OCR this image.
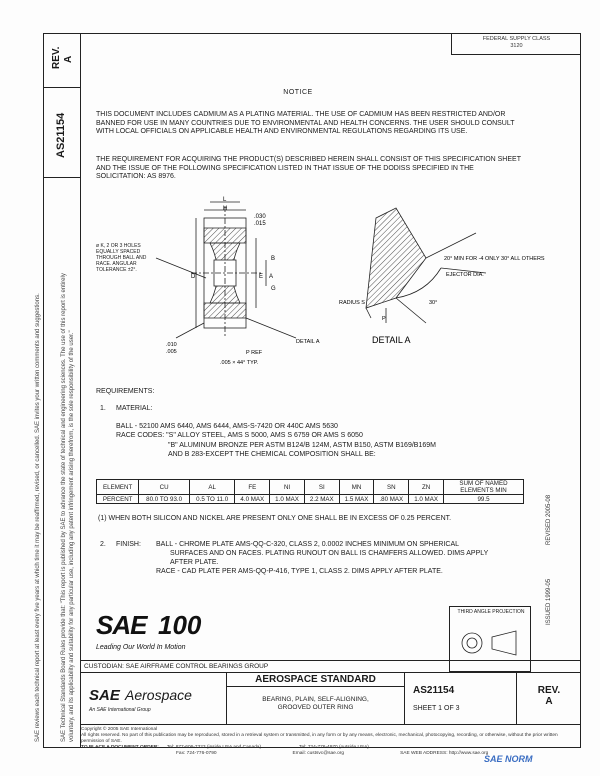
REV. A
AS21154
SAE Technical Standards Board Rules provide that: "This report is published by SAE to advance the state of technical and engineering sciences. The use of this report is entirely voluntary, and its applicability and suitability for any particular use, including any patent infringement arising therefrom, is the sole responsibility of the user."
SAE reviews each technical report at least every five years at which time it may be reaffirmed, revised, or cancelled. SAE invites your written comments and suggestions.
FEDERAL SUPPLY CLASS
3120
ISSUED 1999-05
REVISED 2005-08
NOTICE
THIS DOCUMENT INCLUDES CADMIUM AS A PLATING MATERIAL. THE USE OF CADMIUM HAS BEEN RESTRICTED AND/OR BANNED FOR USE IN MANY COUNTRIES DUE TO ENVIRONMENTAL AND HEALTH CONCERNS. THE USER SHOULD CONSULT WITH LOCAL OFFICIALS ON APPLICABLE HEALTH AND ENVIRONMENTAL REGULATIONS REGARDING ITS USE.
THE REQUIREMENT FOR ACQUIRING THE PRODUCT(S) DESCRIBED HEREIN SHALL CONSIST OF THIS SPECIFICATION SHEET AND THE ISSUE OF THE FOLLOWING SPECIFICATION LISTED IN THAT ISSUE OF THE DODISS SPECIFIED IN THE SOLICITATION: AS 8976.
H
L
.030
.015
D	E A
B
G
ø K, 2 OR 3 HOLES EQUALLY SPACED THROUGH BALL AND RACE. ANGULAR TOLERANCE ±2°.
.010
.005
.005 × 44° TYP.
P REF
DETAIL A
20° MIN FOR -4 ONLY 30° ALL OTHERS
EJECTOR DIA.
30°
RADIUS S
P
DETAIL A
REQUIREMENTS:
1. MATERIAL:
BALL - 52100 AMS 6440, AMS 6444, AMS-S-7420 OR 440C AMS 5630
RACE CODES: "S" ALLOY STEEL, AMS S 5000, AMS S 6759 OR AMS S 6050
"B" ALUMINUM BRONZE PER ASTM B124/B 124M, ASTM B150, ASTM B169/B169M
AND B 283-EXCEPT THE CHEMICAL COMPOSITION SHALL BE:
ELEMENT	CU	AL	FE	NI	SI	MN	SN	ZN	SUM OF NAMED ELEMENTS MIN
PERCENT	80.0 TO 93.0	0.5 TO 11.0	4.0 MAX	1.0 MAX	2.2 MAX	1.5 MAX	.80 MAX	1.0 MAX	99.5
(1) WHEN BOTH SILICON AND NICKEL ARE PRESENT ONLY ONE SHALL BE IN EXCESS OF 0.25 PERCENT.
2. FINISH: BALL - CHROME PLATE AMS-QQ-C-320, CLASS 2, 0.0002 INCHES MINIMUM ON SPHERICAL
SURFACES AND ON FACES. PLATING RUNOUT ON BALL IS CHAMFERS ALLOWED. DIMS APPLY
AFTER PLATE.
RACE - CAD PLATE PER AMS-QQ-P-416, TYPE 1, CLASS 2. DIMS APPLY AFTER PLATE.
SAE 100
Leading Our World In Motion
THIRD ANGLE PROJECTION
CUSTODIAN: SAE AIRFRAME CONTROL BEARINGS GROUP
SAE Aerospace
An SAE International Group
AEROSPACE STANDARD
BEARING, PLAIN, SELF-ALIGNING,
GROOVED OUTER RING
AS21154
SHEET 1 OF 3
REV.
A
Copyright © 2005 SAE International
All rights reserved. No part of this publication may be reproduced, stored in a retrieval system or transmitted, in any form or by any means, electronic, mechanical, photocopying, recording, or otherwise, without the prior written permission of SAE.
TO PLACE A DOCUMENT ORDER: Tel: 877-606-7323 (inside USA and Canada)	Tel: 724-776-4970 (outside USA)
Fax: 724-776-0790	Email: custsvc@sae.org	SAE WEB ADDRESS: http://www.sae.org
SAE NORM
